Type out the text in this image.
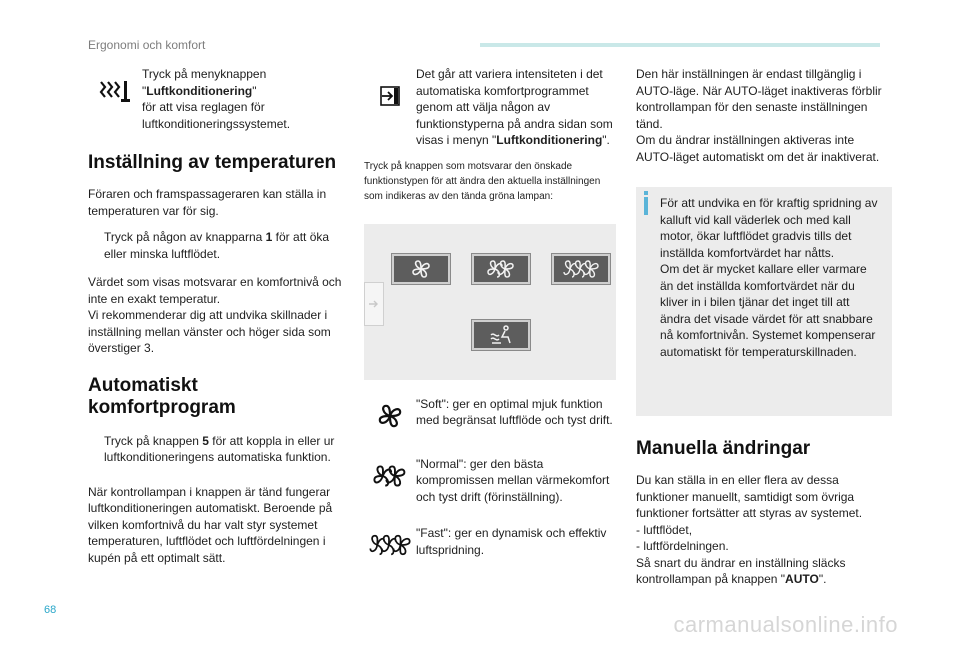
Ergonomi och komfort

Tryck på menyknappen
"Luftkonditionering"
för att visa reglagen för luftkonditioneringssystemet.

Inställning av temperaturen

Föraren och framspassageraren kan ställa in temperaturen var för sig.

Tryck på någon av knapparna 1 för att öka eller minska luftflödet.

Värdet som visas motsvarar en komfortnivå och inte en exakt temperatur.
Vi rekommenderar dig att undvika skillnader i inställning mellan vänster och höger sida som överstiger 3.

Automatiskt komfortprogram
Tryck på knappen 5 för att koppla in eller ur luftkonditioneringens automatiska funktion.

När kontrollampan i knappen är tänd fungerar luftkonditioneringen automatiskt. Beroende på vilken komfortnivå du har valt styr systemet temperaturen, luftflödet och luftfördelningen i kupén på ett optimalt sätt.

Det går att variera intensiteten i det automatiska komfortprogrammet genom att välja någon av funktionstyperna på andra sidan som visas i menyn "Luftkonditionering".

Tryck på knappen som motsvarar den önskade funktionstypen för att ändra den aktuella inställningen som indikeras av den tända gröna lampan:

"Soft": ger en optimal mjuk funktion med begränsat luftflöde och tyst drift.

"Normal": ger den bästa kompromissen mellan värmekomfort och tyst drift (förinställning).

"Fast": ger en dynamisk och effektiv luftspridning.

Den här inställningen är endast tillgänglig i AUTO-läge. När AUTO-läget inaktiveras förblir kontrollampan för den senaste inställningen tänd.
Om du ändrar inställningen aktiveras inte AUTO-läget automatiskt om det är inaktiverat.

För att undvika en för kraftig spridning av kalluft vid kall väderlek och med kall motor, ökar luftflödet gradvis tills det inställda komfortvärdet har nåtts.
Om det är mycket kallare eller varmare än det inställda komfortvärdet när du kliver in i bilen tjänar det inget till att ändra det visade värdet för att snabbare nå komfortnivån. Systemet kompenserar automatiskt för temperaturskillnaden.

Manuella ändringar

Du kan ställa in en eller flera av dessa funktioner manuellt, samtidigt som övriga funktioner fortsätter att styras av systemet.

- luftflödet,

- luftfördelningen.

Så snart du ändrar en inställning släcks kontrollampan på knappen "AUTO".

68
carmanualsonline.info
